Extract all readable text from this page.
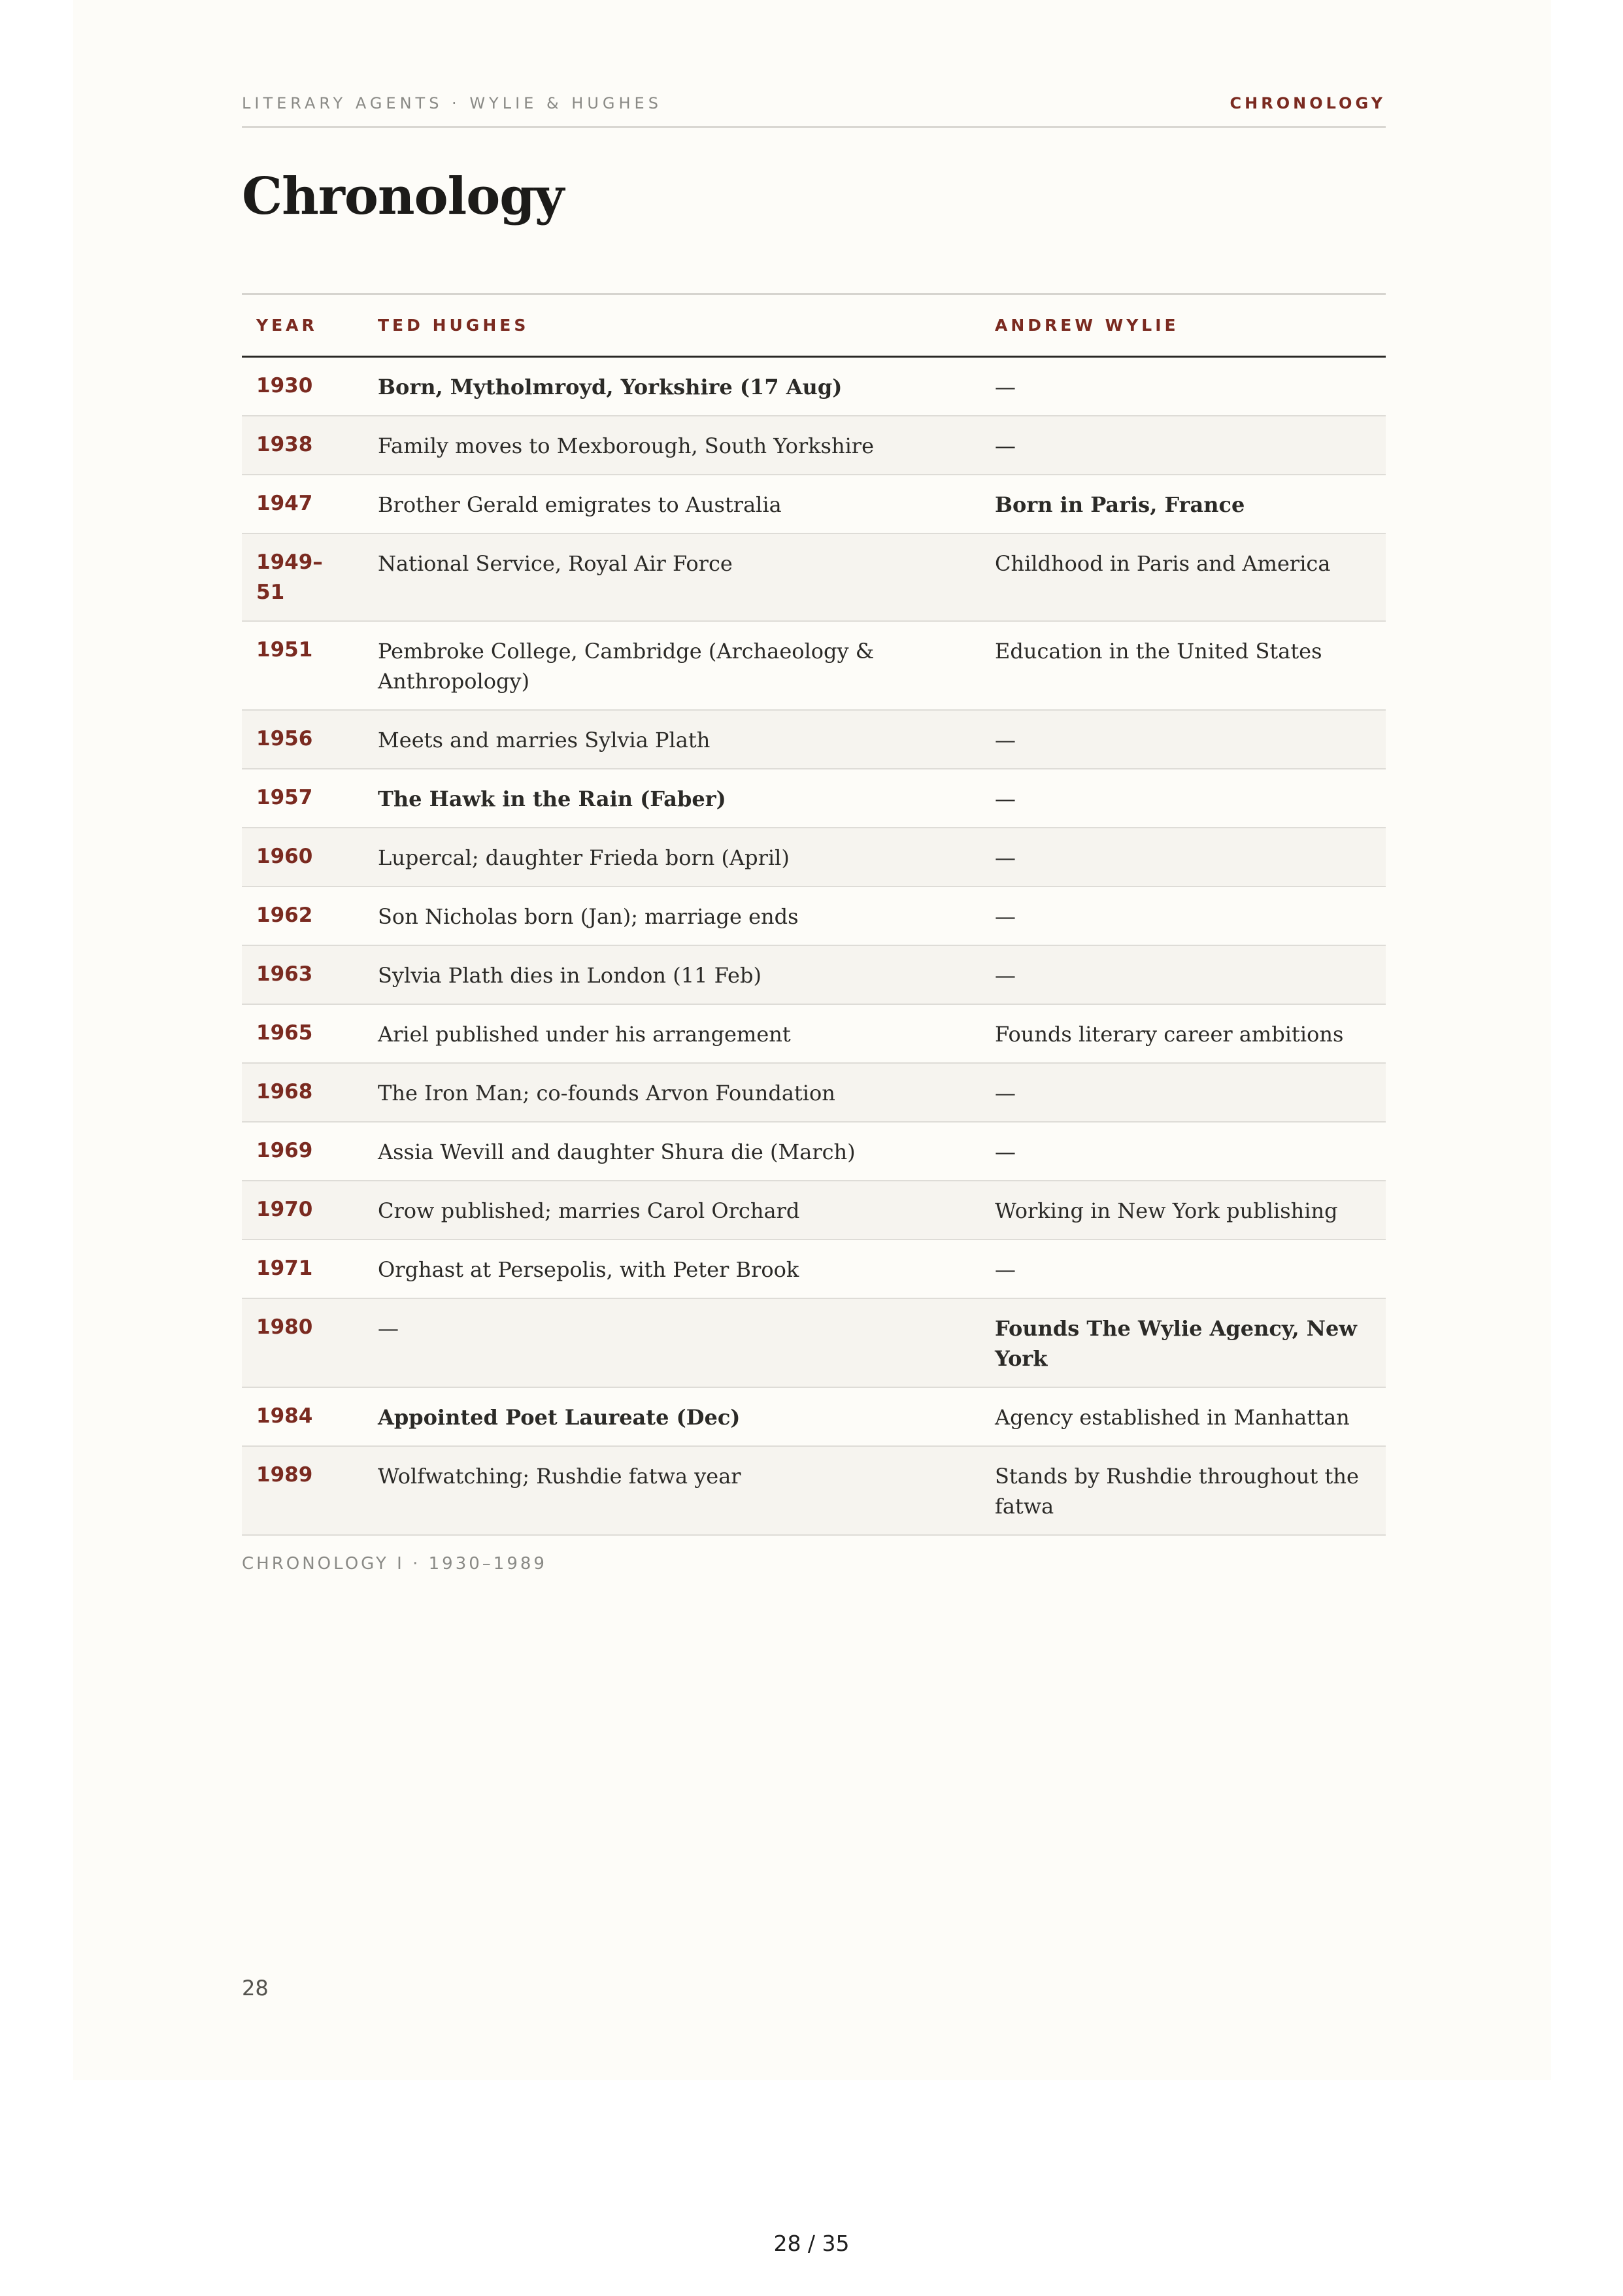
LITERARY AGENTS · WYLIE & HUGHES	CHRONOLOGY
Chronology
YEAR	TED HUGHES	ANDREW WYLIE
1930	Born, Mytholmroyd, Yorkshire (17 Aug)	—
1938	Family moves to Mexborough, South Yorkshire	—
1947	Brother Gerald emigrates to Australia	Born in Paris, France
1949–51	National Service, Royal Air Force	Childhood in Paris and America
1951	Pembroke College, Cambridge (Archaeology & Anthropology)	Education in the United States
1956	Meets and marries Sylvia Plath	—
1957	The Hawk in the Rain (Faber)	—
1960	Lupercal; daughter Frieda born (April)	—
1962	Son Nicholas born (Jan); marriage ends	—
1963	Sylvia Plath dies in London (11 Feb)	—
1965	Ariel published under his arrangement	Founds literary career ambitions
1968	The Iron Man; co-founds Arvon Foundation	—
1969	Assia Wevill and daughter Shura die (March)	—
1970	Crow published; marries Carol Orchard	Working in New York publishing
1971	Orghast at Persepolis, with Peter Brook	—
1980	—	Founds The Wylie Agency, New York
1984	Appointed Poet Laureate (Dec)	Agency established in Manhattan
1989	Wolfwatching; Rushdie fatwa year	Stands by Rushdie throughout the fatwa
CHRONOLOGY I · 1930–1989
28
28 / 35
